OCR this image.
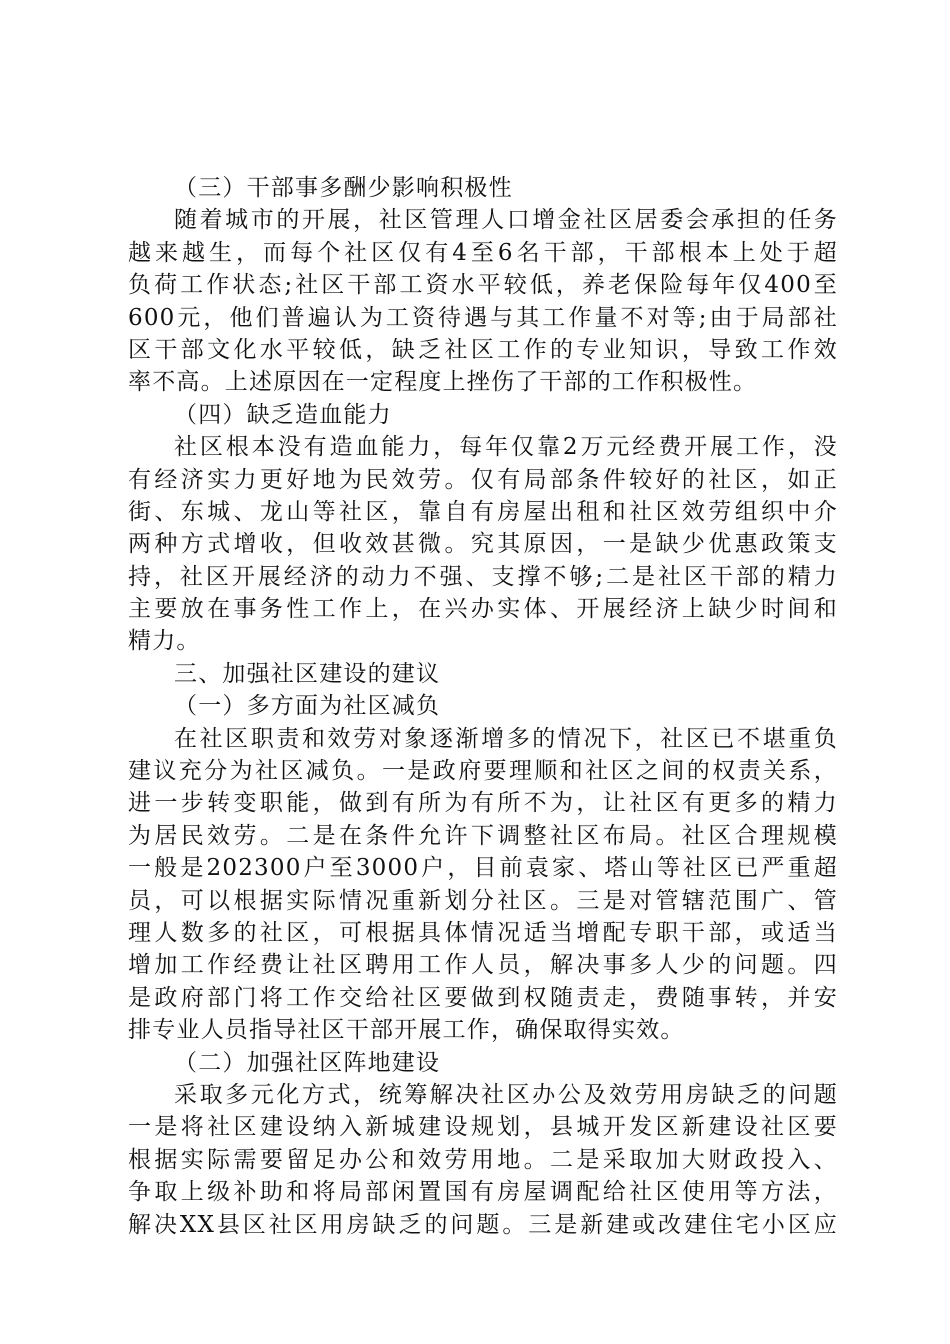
（三）干部事多酬少影响积极性
随着城市的开展，社区管理人口增金社区居委会承担的任务
越来越生，而每个社区仅有4至6名干部，干部根本上处于超
负荷工作状态;社区干部工资水平较低，养老保险每年仅400至
600元，他们普遍认为工资待遇与其工作量不对等;由于局部社
区干部文化水平较低，缺乏社区工作的专业知识，导致工作效
率不高。上述原因在一定程度上挫伤了干部的工作积极性。
（四）缺乏造血能力
社区根本没有造血能力，每年仅靠2万元经费开展工作，没
有经济实力更好地为民效劳。仅有局部条件较好的社区，如正
街、东城、龙山等社区，靠自有房屋出租和社区效劳组织中介
两种方式增收，但收效甚微。究其原因，一是缺少优惠政策支
持，社区开展经济的动力不强、支撑不够;二是社区干部的精力
主要放在事务性工作上，在兴办实体、开展经济上缺少时间和
精力。
三、加强社区建设的建议
（一）多方面为社区减负
在社区职责和效劳对象逐渐增多的情况下，社区已不堪重负
建议充分为社区减负。一是政府要理顺和社区之间的权责关系，
进一步转变职能，做到有所为有所不为，让社区有更多的精力
为居民效劳。二是在条件允许下调整社区布局。社区合理规模
一般是202300户至3000户，目前袁家、塔山等社区已严重超
员，可以根据实际情况重新划分社区。三是对管辖范围广、管
理人数多的社区，可根据具体情况适当增配专职干部，或适当
增加工作经费让社区聘用工作人员，解决事多人少的问题。四
是政府部门将工作交给社区要做到权随责走，费随事转，并安
排专业人员指导社区干部开展工作，确保取得实效。
（二）加强社区阵地建设
采取多元化方式，统筹解决社区办公及效劳用房缺乏的问题
一是将社区建设纳入新城建设规划，县城开发区新建设社区要
根据实际需要留足办公和效劳用地。二是采取加大财政投入、
争取上级补助和将局部闲置国有房屋调配给社区使用等方法，
解决XX县区社区用房缺乏的问题。三是新建或改建住宅小区应
